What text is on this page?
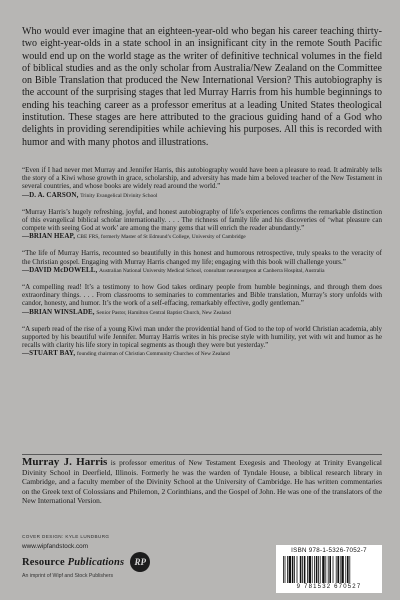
Who would ever imagine that an eighteen-year-old who began his career teaching thirty-two eight-year-olds in a state school in an insignificant city in the remote South Pacific would end up on the world stage as the writer of definitive technical volumes in the field of biblical studies and as the only scholar from Australia/New Zealand on the Committee on Bible Translation that produced the New International Version? This autobiography is the account of the surprising stages that led Murray Harris from his humble beginnings to ending his teaching career as a professor emeritus at a leading United States theological institution. These stages are here attributed to the gracious guiding hand of a God who delights in providing serendipities while achieving his purposes. All this is recorded with humor and with many photos and illustrations.

“Even if I had never met Murray and Jennifer Harris, this autobiography would have been a pleasure to read. It admirably tells the story of a Kiwi whose growth in grace, scholarship, and adversity has made him a beloved teacher of the New Testament in several countries, and whose books are widely read around the world.”

—D. A. CARSON, Trinity Evangelical Divinity School

“Murray Harris’s hugely refreshing, joyful, and honest autobiography of life’s experiences confirms the remarkable distinction of this evangelical biblical scholar internationally. . . . The richness of family life and his discoveries of ‘what pleasure can compete with seeing God at work’ are among the many gems that will enrich the reader abundantly.”

—BRIAN HEAP, CBE FRS, formerly Master of St Edmund’s College, University of Cambridge

“The life of Murray Harris, recounted so beautifully in this honest and humorous retrospective, truly speaks to the veracity of the Christian gospel. Engaging with Murray Harris changed my life; engaging with this book will challenge yours.”

—DAVID McDOWELL, Australian National University Medical School, consultant neurosurgeon at Canberra Hospital, Australia

“A compelling read! It’s a testimony to how God takes ordinary people from humble beginnings, and through them does extraordinary things. . . . From classrooms to seminaries to commentaries and Bible translation, Murray’s story unfolds with candor, honesty, and humor. It’s the work of a self-effacing, remarkably effective, godly gentleman.”

—BRIAN WINSLADE, Senior Pastor, Hamilton Central Baptist Church, New Zealand

“A superb read of the rise of a young Kiwi man under the providential hand of God to the top of world Christian academia, ably supported by his beautiful wife Jennifer. Murray Harris writes in his precise style with humility, yet with wit and humor as he recalls with clarity his life story in topical segments as though they were but yesterday.”

—STUART BAY, founding chairman of Christian Community Churches of New Zealand

Murray J. Harris is professor emeritus of New Testament Exegesis and Theology at Trinity Evangelical Divinity School in Deerfield, Illinois. Formerly he was the warden of Tyndale House, a biblical research library in Cambridge, and a faculty member of the Divinity School at the University of Cambridge. He has written commentaries on the Greek text of Colossians and Philemon, 2 Corinthians, and the Gospel of John. He was one of the translators of the New International Version.

COVER DESIGN: KYLE LUNDBURG

www.wipfandstock.com

Resource Publications	RP

An imprint of Wipf and Stock Publishers

ISBN 978-1-5326-7052-7
9 781532 670527
